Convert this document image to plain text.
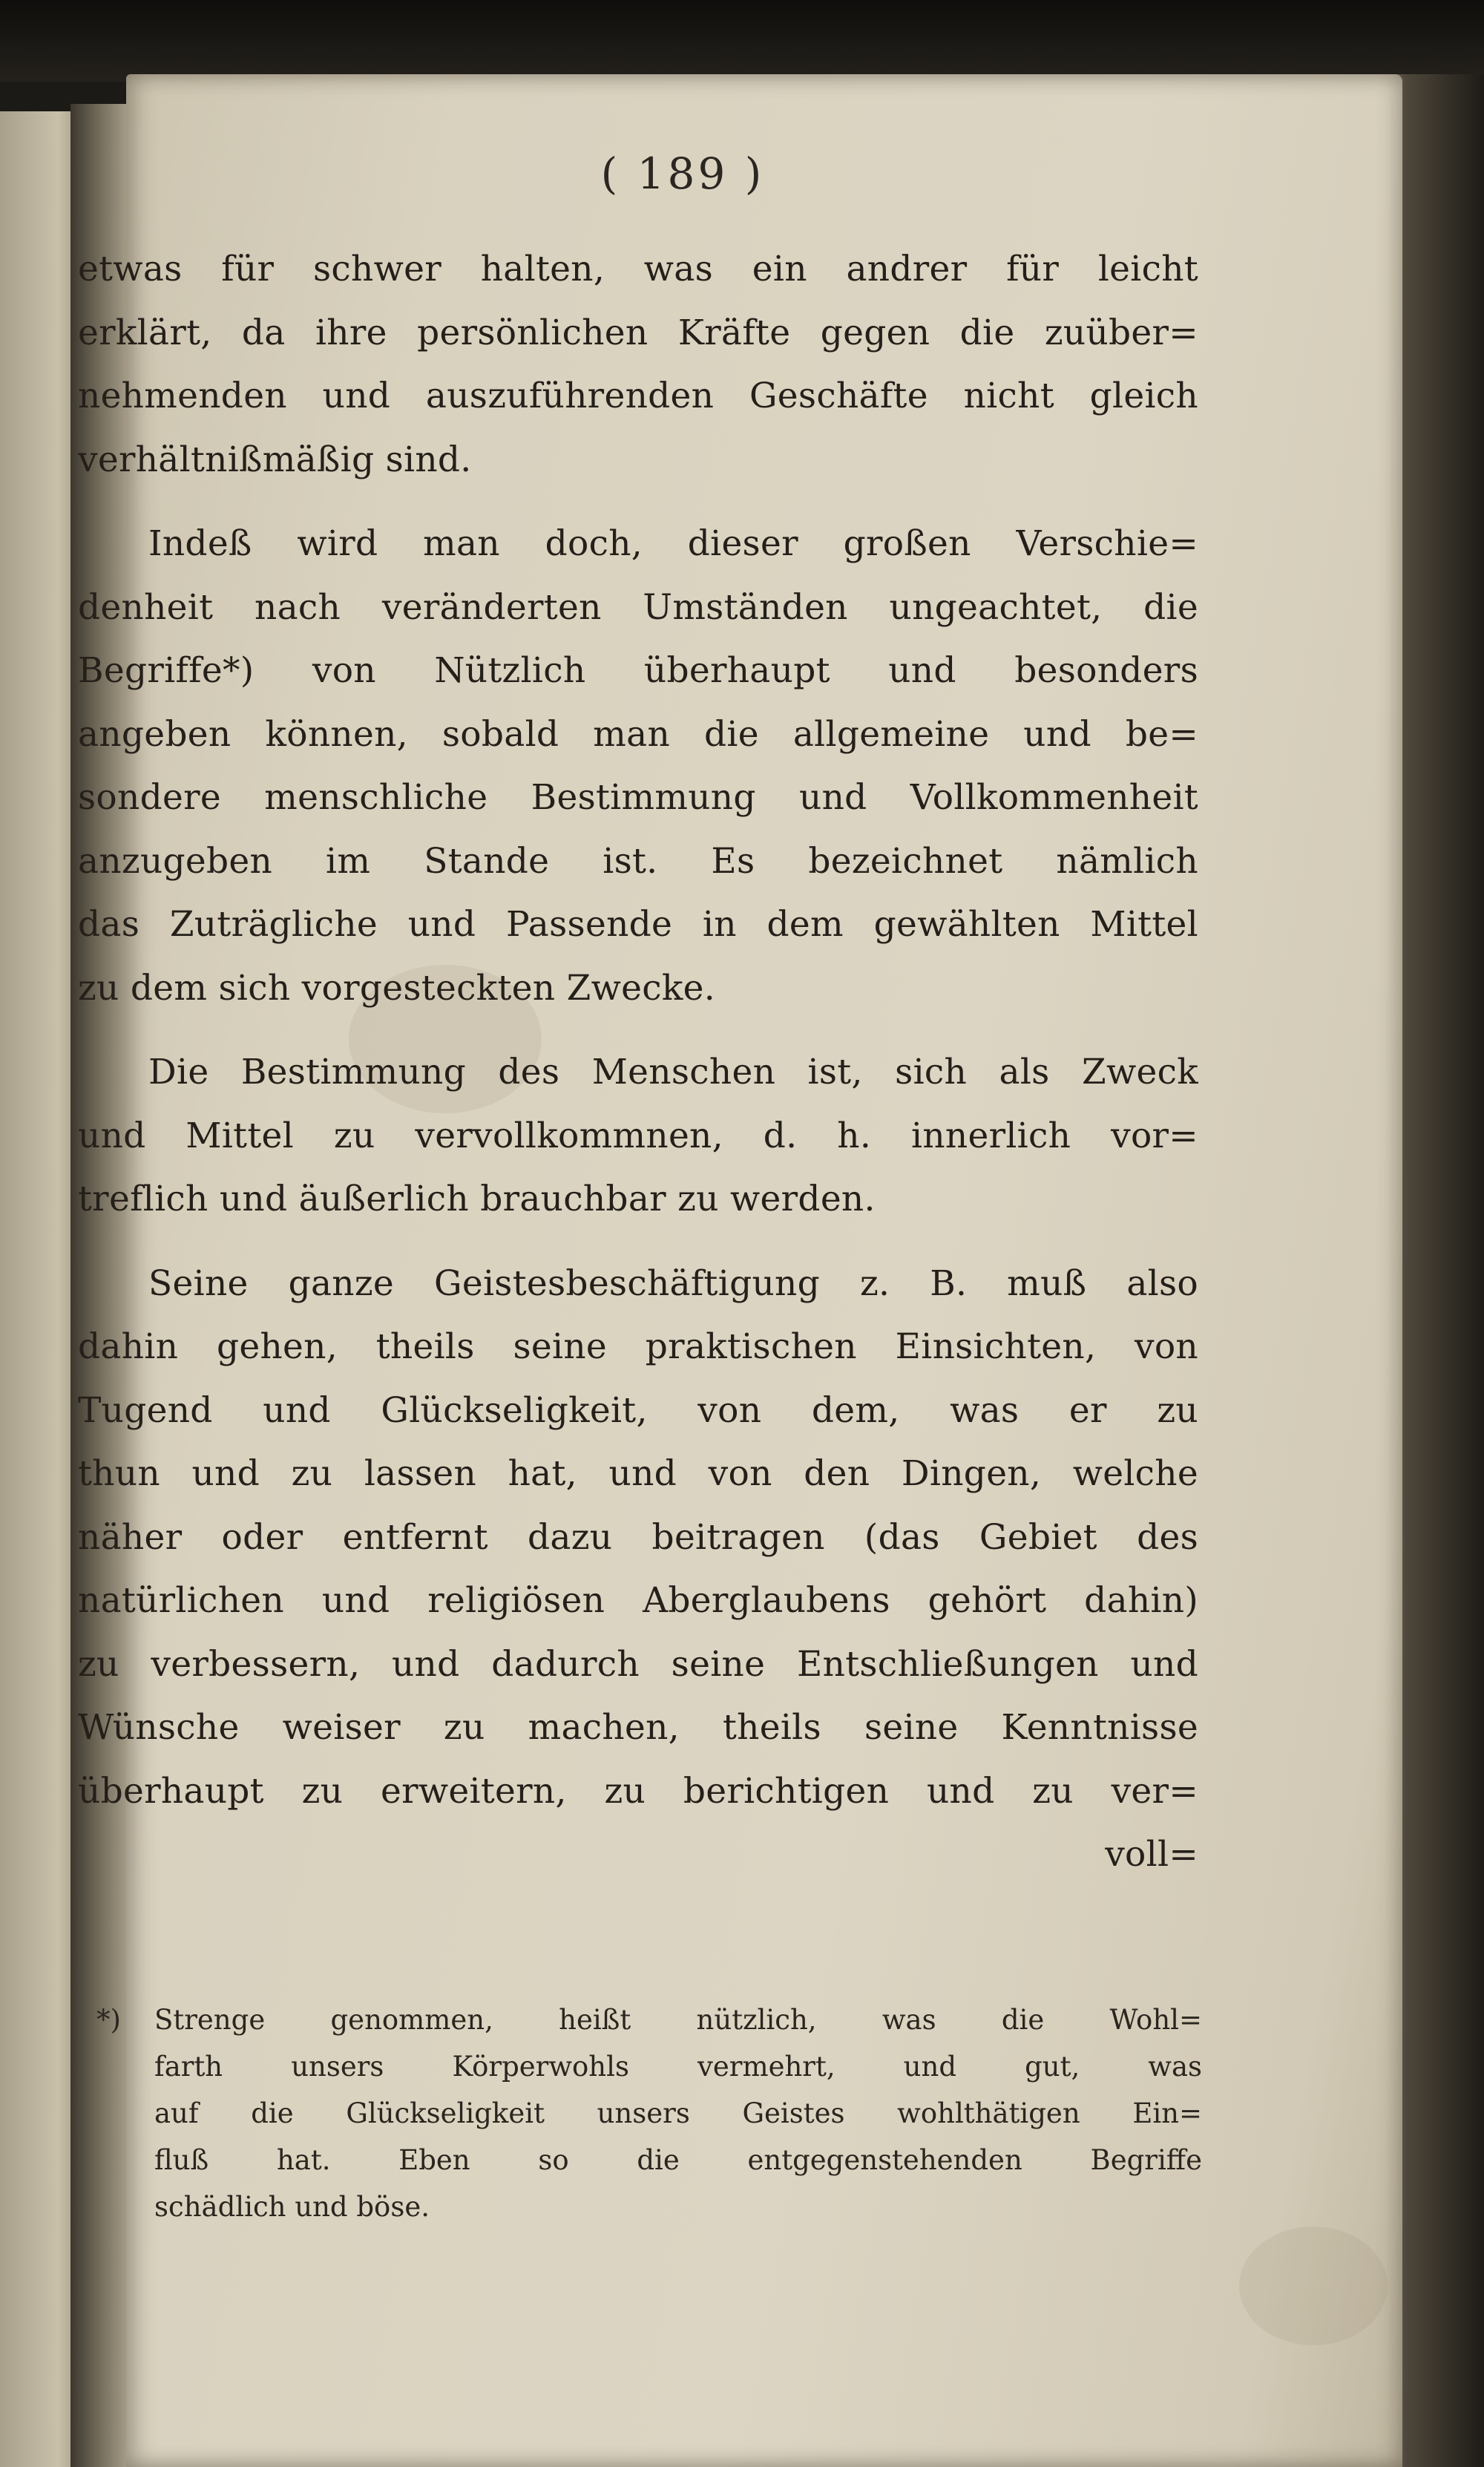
( 189 )
etwas für schwer halten, was ein andrer für leicht
erklärt, da ihre persönlichen Kräfte gegen die zuüber=
nehmenden und auszuführenden Geschäfte nicht gleich
verhältnißmäßig sind.
Indeß wird man doch, dieser großen Verschie=
denheit nach veränderten Umständen ungeachtet, die
Begriffe*) von Nützlich überhaupt und besonders
angeben können, sobald man die allgemeine und be=
sondere menschliche Bestimmung und Vollkommenheit
anzugeben im Stande ist. Es bezeichnet nämlich
das Zuträgliche und Passende in dem gewählten Mittel
zu dem sich vorgesteckten Zwecke.
Die Bestimmung des Menschen ist, sich als Zweck
und Mittel zu vervollkommnen, d. h. innerlich vor=
treflich und äußerlich brauchbar zu werden.
Seine ganze Geistesbeschäftigung z. B. muß also
dahin gehen, theils seine praktischen Einsichten, von
Tugend und Glückseligkeit, von dem, was er zu
thun und zu lassen hat, und von den Dingen, welche
näher oder entfernt dazu beitragen (das Gebiet des
natürlichen und religiösen Aberglaubens gehört dahin)
zu verbessern, und dadurch seine Entschließungen und
Wünsche weiser zu machen, theils seine Kenntnisse
überhaupt zu erweitern, zu berichtigen und zu ver=
voll=
*) Strenge genommen, heißt nützlich, was die Wohl=
farth unsers Körperwohls vermehrt, und gut, was
auf die Glückseligkeit unsers Geistes wohlthätigen Ein=
fluß hat. Eben so die entgegenstehenden Begriffe
schädlich und böse.
